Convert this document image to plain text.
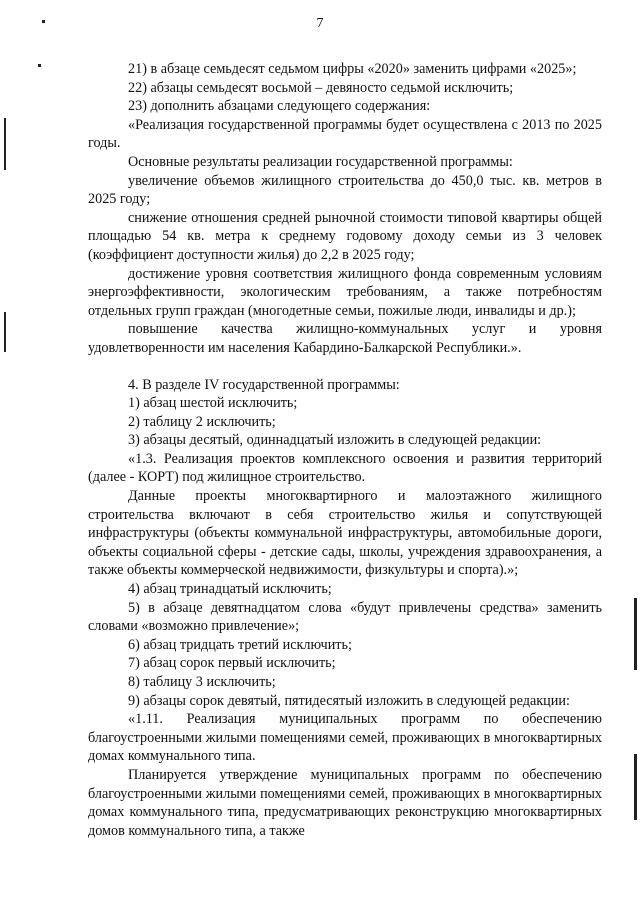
7

21) в абзаце семьдесят седьмом цифры «2020» заменить цифрами «2025»;

22) абзацы семьдесят восьмой – девяносто седьмой исключить;

23) дополнить абзацами следующего содержания:

«Реализация государственной программы будет осуществлена с 2013 по 2025 годы.

Основные результаты реализации государственной программы:

увеличение объемов жилищного строительства до 450,0 тыс. кв. метров в 2025 году;

снижение отношения средней рыночной стоимости типовой квартиры общей площадью 54 кв. метра к среднему годовому доходу семьи из 3 человек (коэффициент доступности жилья) до 2,2 в 2025 году;

достижение уровня соответствия жилищного фонда современным условиям энергоэффективности, экологическим требованиям, а также потребностям отдельных групп граждан (многодетные семьи, пожилые люди, инвалиды и др.);

повышение качества жилищно-коммунальных услуг и уровня удовлетворенности им населения Кабардино-Балкарской Республики.».

4. В разделе IV государственной программы:

1) абзац шестой исключить;

2) таблицу 2 исключить;

3) абзацы десятый, одиннадцатый изложить в следующей редакции:

«1.3. Реализация проектов комплексного освоения и развития территорий (далее - КОРТ) под жилищное строительство.

Данные проекты многоквартирного и малоэтажного жилищного строительства включают в себя строительство жилья и сопутствующей инфраструктуры (объекты коммунальной инфраструктуры, автомобильные дороги, объекты социальной сферы - детские сады, школы, учреждения здравоохранения, а также объекты коммерческой недвижимости, физкультуры и спорта).»;

4) абзац тринадцатый исключить;

5) в абзаце девятнадцатом слова «будут привлечены средства» заменить словами «возможно привлечение»;

6) абзац тридцать третий исключить;

7) абзац сорок первый исключить;

8) таблицу 3 исключить;

9) абзацы сорок девятый, пятидесятый изложить в следующей редакции:

«1.11. Реализация муниципальных программ по обеспечению благоустроенными жилыми помещениями семей, проживающих в многоквартирных домах коммунального типа.

Планируется утверждение муниципальных программ по обеспечению благоустроенными жилыми помещениями семей, проживающих в многоквартирных домах коммунального типа, предусматривающих реконструкцию многоквартирных домов коммунального типа, а также
